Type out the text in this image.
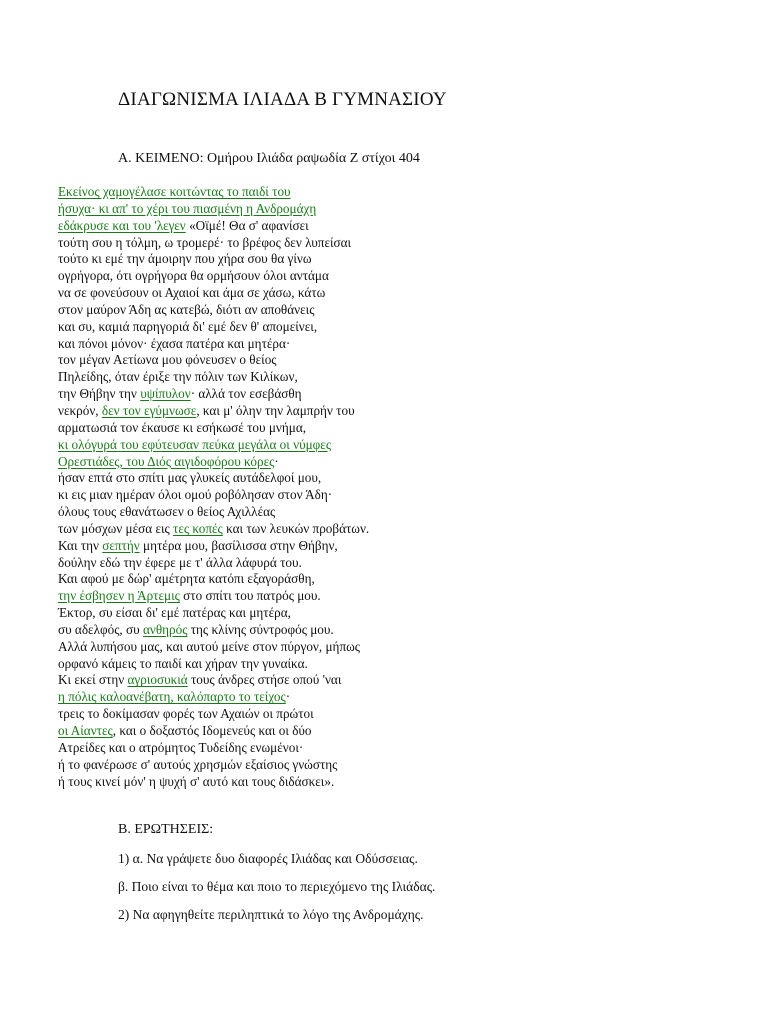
ΔΙΑΓΩΝΙΣΜΑ ΙΛΙΑΔΑ Β ΓΥΜΝΑΣΙΟΥ

Α. ΚΕΙΜΕΝΟ: Ομήρου Ιλιάδα ραψωδία Ζ στίχοι 404

Εκείνος χαμογέλασε κοιτώντας το παιδί του
ήσυχα· κι απ' το χέρι του πιασμένη η Ανδρομάχη
εδάκρυσε και του 'λεγεν «Οϊμέ! Θα σ' αφανίσει
τούτη σου η τόλμη, ω τρομερέ· το βρέφος δεν λυπείσαι
τούτο κι εμέ την άμοιρην που χήρα σου θα γίνω
ογρήγορα, ότι ογρήγορα θα ορμήσουν όλοι αντάμα
να σε φονεύσουν οι Αχαιοί και άμα σε χάσω, κάτω
στον μαύρον Άδη ας κατεβώ, διότι αν αποθάνεις
και συ, καμιά παρηγοριά δι' εμέ δεν θ' απομείνει,
και πόνοι μόνον· έχασα πατέρα και μητέρα·
τον μέγαν Αετίωνα μου φόνευσεν ο θείος
Πηλείδης, όταν έριξε την πόλιν των Κιλίκων,
την Θήβην την υψίπυλον· αλλά τον εσεβάσθη
νεκρόν, δεν τον εγύμνωσε, και μ' όλην την λαμπρήν του
αρματωσιά τον έκαυσε κι εσήκωσέ του μνήμα,
κι ολόγυρά του εφύτευσαν πεύκα μεγάλα οι νύμφες
Ορεστιάδες, του Διός αιγιδοφόρου κόρες·
ήσαν επτά στο σπίτι μας γλυκείς αυτάδελφοί μου,
κι εις μιαν ημέραν όλοι ομού ροβόλησαν στον Άδη·
όλους τους εθανάτωσεν ο θείος Αχιλλέας
των μόσχων μέσα εις τες κοπές και των λευκών προβάτων.
Και την σεπτήν μητέρα μου, βασίλισσα στην Θήβην,
δούλην εδώ την έφερε με τ' άλλα λάφυρά του.
Και αφού με δώρ' αμέτρητα κατόπι εξαγοράσθη,
την έσβησεν η Άρτεμις στο σπίτι του πατρός μου.
Έκτορ, συ είσαι δι' εμέ πατέρας και μητέρα,
συ αδελφός, συ ανθηρός της κλίνης σύντροφός μου.
Αλλά λυπήσου μας, και αυτού μείνε στον πύργον, μήπως
ορφανό κάμεις το παιδί και χήραν την γυναίκα.
Κι εκεί στην αγριοσυκιά τους άνδρες στήσε οπού 'ναι
η πόλις καλοανέβατη, καλόπαρτο το τείχος·
τρεις το δοκίμασαν φορές των Αχαιών οι πρώτοι
οι Αίαντες, και ο δοξαστός Ιδομενεύς και οι δύο
Ατρείδες και ο ατρόμητος Τυδείδης ενωμένοι·
ή το φανέρωσε σ' αυτούς χρησμών εξαίσιος γνώστης
ή τους κινεί μόν' η ψυχή σ' αυτό και τους διδάσκει».

Β. ΕΡΩΤΗΣΕΙΣ:

1) α. Να γράψετε δυο διαφορές Ιλιάδας και Οδύσσειας.

β. Ποιο είναι το θέμα και ποιο το περιεχόμενο της Ιλιάδας.

2) Να αφηγηθείτε περιληπτικά το λόγο της Ανδρομάχης.
